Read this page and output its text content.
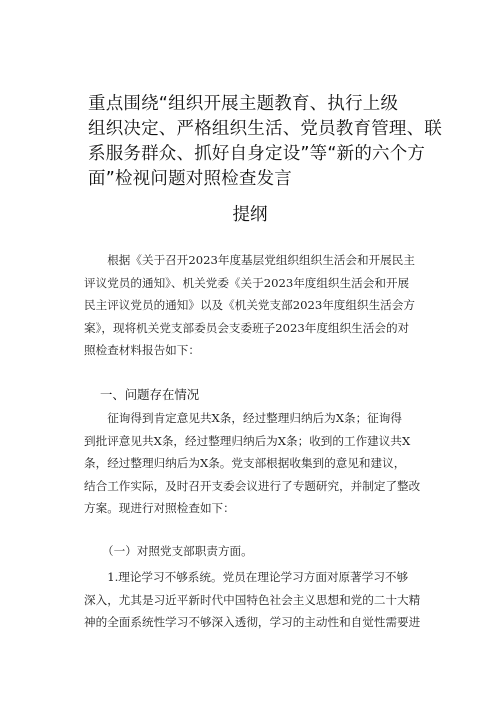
重点围绕“组织开展主题教育、执行上级
组织决定、严格组织生活、党员教育管理、联
系服务群众、抓好自身定设”等“新的六个方
面”检视问题对照检查发言
提纲
　　根据《关于召开2023年度基层党组织组织生活会和开展民主
评议党员的通知》、机关党委《关于2023年度组织生活会和开展
民主评议党员的通知》以及《机关党支部2023年度组织生活会方
案》，现将机关党支部委员会支委班子2023年度组织生活会的对
照检查材料报告如下：
一、问题存在情况
　　征询得到肯定意见共X条，经过整理归纳后为X条；征询得
到批评意见共X条，经过整理归纳后为X条；收到的工作建议共X
条，经过整理归纳后为X条。党支部根据收集到的意见和建议，
结合工作实际，及时召开支委会议进行了专题研究，并制定了整改
方案。现进行对照检查如下：
（一）对照党支部职责方面。
　　1.理论学习不够系统。党员在理论学习方面对原著学习不够
深入，尤其是习近平新时代中国特色社会主义思想和党的二十大精
神的全面系统性学习不够深入透彻，学习的主动性和自觉性需要进
